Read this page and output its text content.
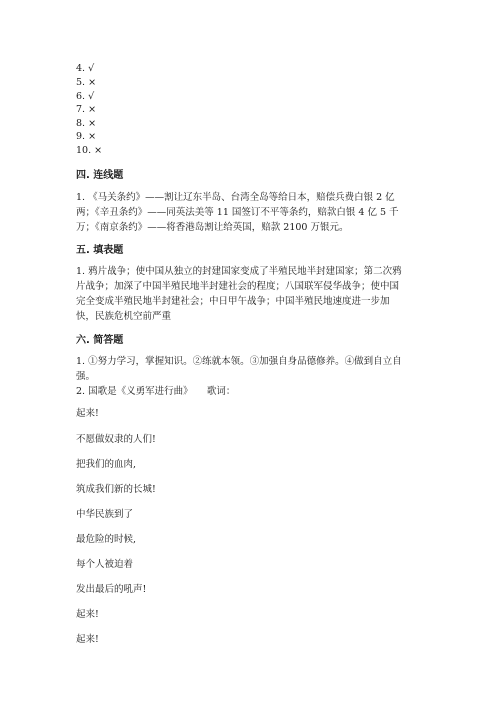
4. √
5. ×
6. √
7. ×
8. ×
9. ×
10. ×
四. 连线题
1. 《马关条约》——割让辽东半岛、台湾全岛等给日本，赔偿兵费白银 2 亿
两；《辛丑条约》——同英法美等 11 国签订不平等条约，赔款白银 4 亿 5 千
万；《南京条约》——将香港岛割让给英国，赔款 2100 万银元。
五. 填表题
1. 鸦片战争；使中国从独立的封建国家变成了半殖民地半封建国家；第二次鸦
片战争；加深了中国半殖民地半封建社会的程度；八国联军侵华战争；使中国
完全变成半殖民地半封建社会；中日甲午战争；中国半殖民地速度进一步加
快，民族危机空前严重
六. 简答题
1. ①努力学习，掌握知识。②练就本领。③加强自身品德修养。④做到自立自
强。
2. 国歌是《义勇军进行曲》　　歌词：
起来!
不愿做奴隶的人们!
把我们的血肉,
筑成我们新的长城!
中华民族到了
最危险的时候,
每个人被迫着
发出最后的吼声!
起来!
起来!
